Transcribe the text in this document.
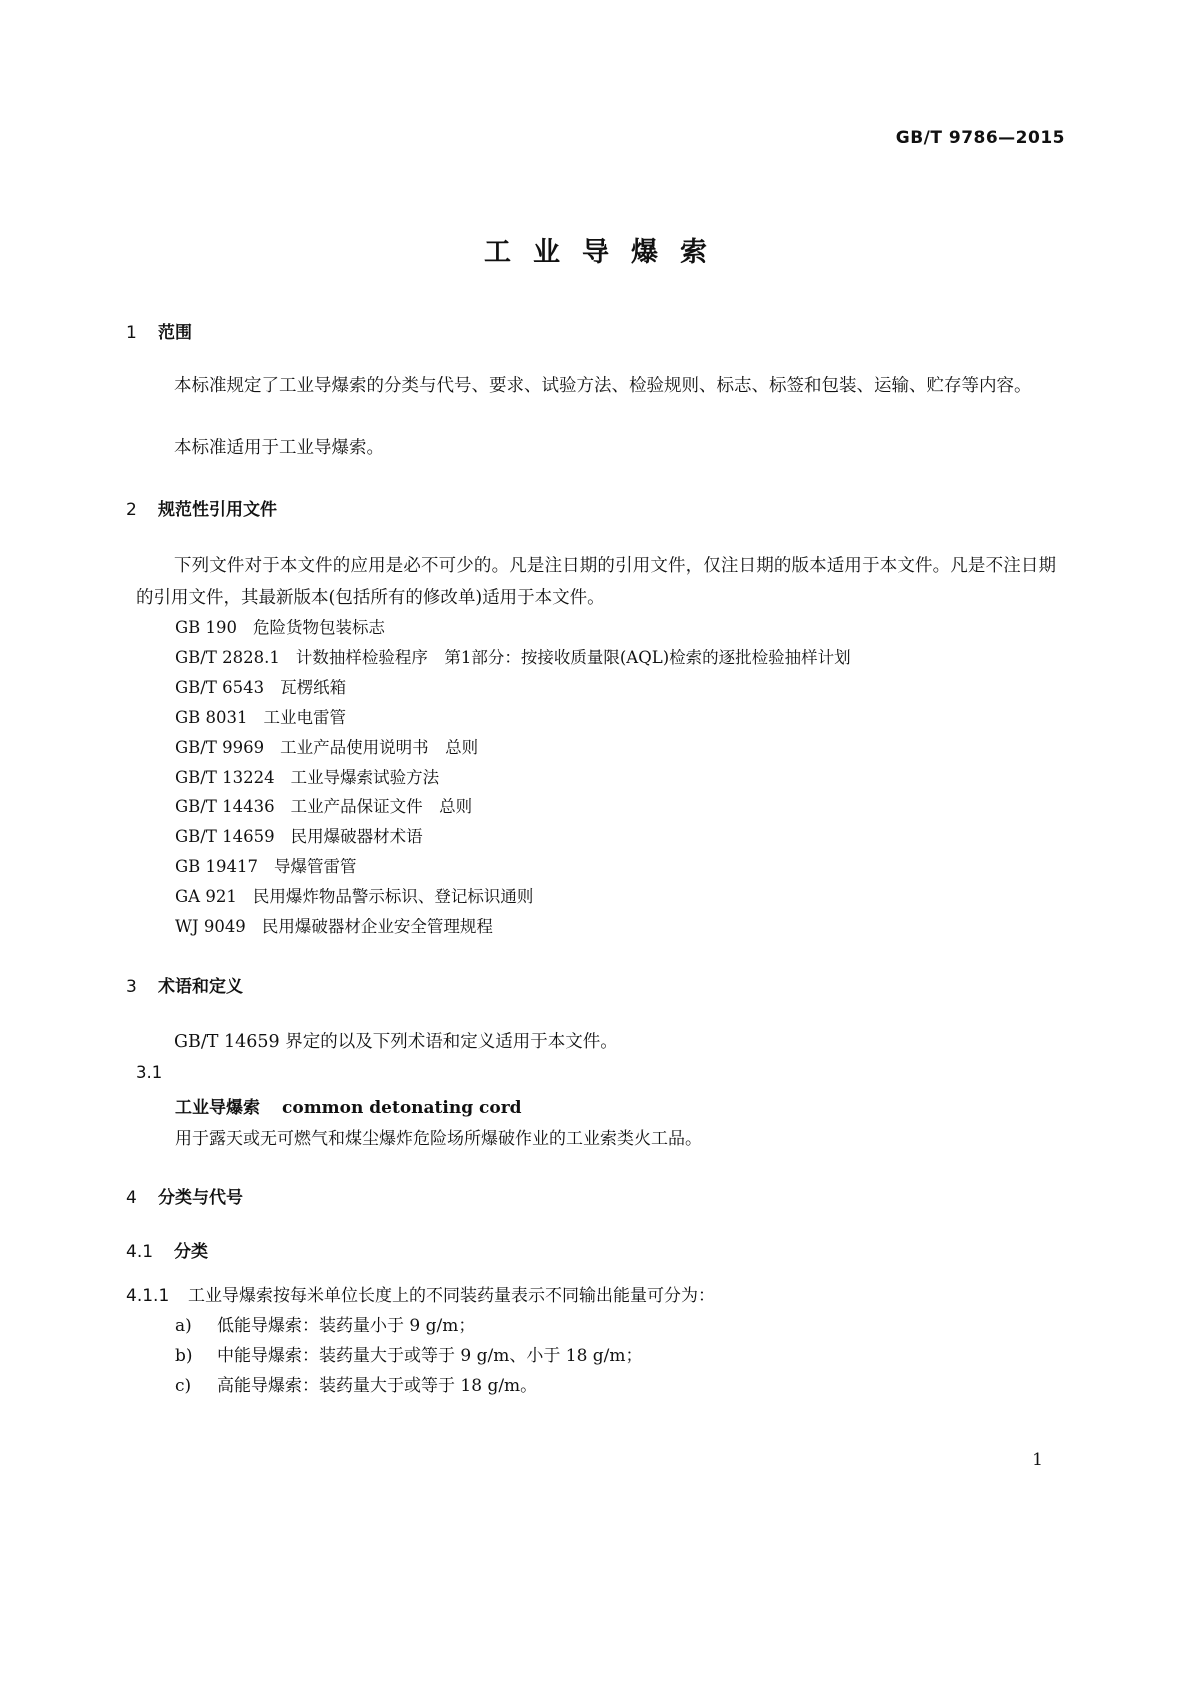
GB/T 9786—2015
工业导爆索
1 范围
本标准规定了工业导爆索的分类与代号、要求、试验方法、检验规则、标志、标签和包装、运输、贮存等内容。
本标准适用于工业导爆索。
2 规范性引用文件
下列文件对于本文件的应用是必不可少的。凡是注日期的引用文件，仅注日期的版本适用于本文件。凡是不注日期的引用文件，其最新版本(包括所有的修改单)适用于本文件。
GB 190 危险货物包装标志
GB/T 2828.1 计数抽样检验程序　第1部分：按接收质量限(AQL)检索的逐批检验抽样计划
GB/T 6543 瓦楞纸箱
GB 8031 工业电雷管
GB/T 9969 工业产品使用说明书　总则
GB/T 13224 工业导爆索试验方法
GB/T 14436 工业产品保证文件　总则
GB/T 14659 民用爆破器材术语
GB 19417 导爆管雷管
GA 921 民用爆炸物品警示标识、登记标识通则
WJ 9049 民用爆破器材企业安全管理规程
3 术语和定义
GB/T 14659 界定的以及下列术语和定义适用于本文件。
3.1
工业导爆索 common detonating cord
用于露天或无可燃气和煤尘爆炸危险场所爆破作业的工业索类火工品。
4 分类与代号
4.1 分类
4.1.1 工业导爆索按每米单位长度上的不同装药量表示不同输出能量可分为：
a) 低能导爆索：装药量小于 9 g/m；
b) 中能导爆索：装药量大于或等于 9 g/m、小于 18 g/m；
c) 高能导爆索：装药量大于或等于 18 g/m。
1
